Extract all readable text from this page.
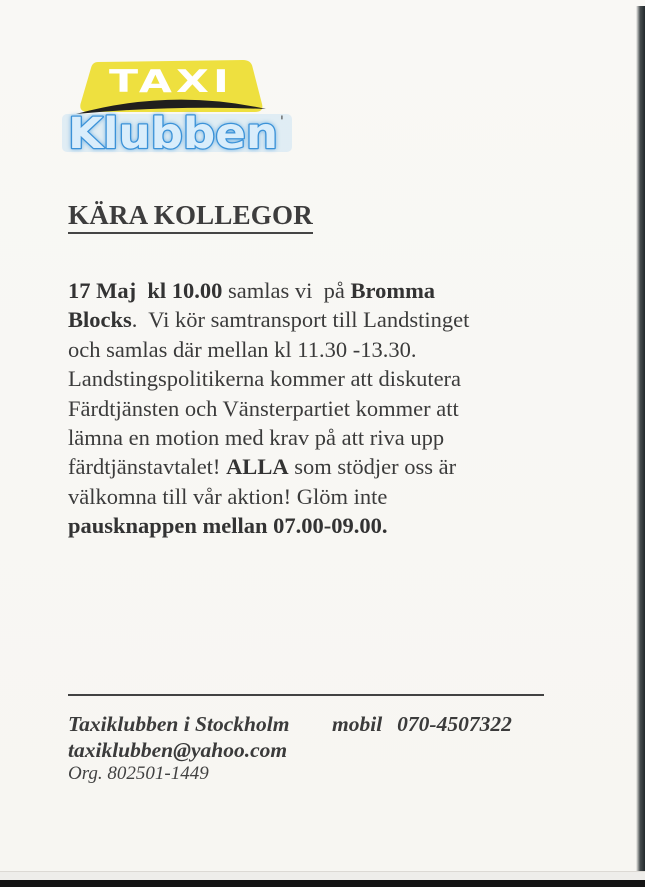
TAXI
Klubben '
KÄRA KOLLEGOR
17 Maj  kl 10.00 samlas vi  på Bromma
Blocks.  Vi kör samtransport till Landstinget
och samlas där mellan kl 11.30 -13.30.
Landstingspolitikerna kommer att diskutera
Färdtjänsten och Vänsterpartiet kommer att
lämna en motion med krav på att riva upp
färdtjänstavtalet! ALLA som stödjer oss är
välkomna till vår aktion! Glöm inte
pausknappen mellan 07.00-09.00.
Taxiklubben i Stockholm mobil 070-4507322
taxiklubben@yahoo.com
Org. 802501-1449
